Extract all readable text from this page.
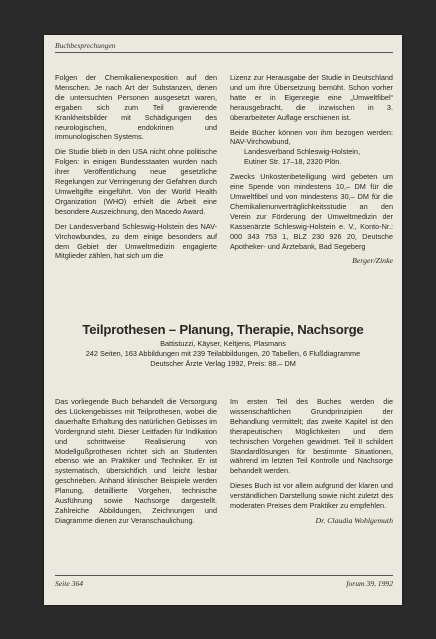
Buchbesprechungen

Folgen der Chemikalienexposition auf den Menschen. Je nach Art der Substanzen, denen die untersuchten Personen ausgesetzt waren, ergaben sich zum Teil gravierende Krankheitsbilder mit Schädigungen des neurologischen, endokrinen und immunologischen Systems.

Die Studie blieb in den USA nicht ohne politische Folgen: in einigen Bundesstaaten wurden nach ihrer Veröffentlichung neue gesetzliche Regelungen zur Verringerung der Gefahren durch Umweltgifte eingeführt. Von der World Health Organization (WHO) erhielt die Arbeit eine besondere Auszeichnung, den Macedo Award.

Der Landesverband Schleswig-Holstein des NAV-Virchowbundes, zu dem einige besonders auf dem Gebiet der Umweltmedizin engagierte Mitglieder zählen, hat sich um die

Lizenz zur Herausgabe der Studie in Deutschland und um ihre Übersetzung bemüht. Schon vorher hatte er in Eigenregie eine „Umweltfibel“ herausgebracht, die inzwischen in 3. überarbeiteter Auflage erschienen ist.

Beide Bücher können von ihm bezogen werden: NAV-Virchowbund,

Landesverband Schleswig-Holstein,
Eutiner Str. 17–18, 2320 Plön.

Zwecks Unkostenbeteiligung wird gebeten um eine Spende von mindestens 10,– DM für die Umweltfibel und von mindestens 30,– DM für die Chemikalienunverträglichkeitsstudie an den Verein zur Förderung der Umweltmedizin der Kassenärzte Schleswig-Holstein e. V., Konto-Nr.: 000 343 753 1, BLZ 230 926 20, Deutsche Apotheker- und Ärztebank, Bad Segeberg

Berger/Zinke
Teilprothesen – Planung, Therapie, Nachsorge
Battistuzzi, Käyser, Keltjens, Plasmans
242 Seiten, 163 Abbildungen mit 239 Teilabbildungen, 20 Tabellen, 6 Flußdiagramme
Deutscher Ärzte Verlag 1992, Preis: 88.– DM

Das vorliegende Buch behandelt die Versorgung des Lückengebisses mit Teilprothesen, wobei die dauerhafte Erhaltung des natürlichen Gebisses im Vordergrund steht. Dieser Leitfaden für Indikation und schrittweise Realisierung von Modellgußprothesen richtet sich an Studenten ebenso wie an Praktiker und Techniker. Er ist systematisch, übersichtlich und leicht lesbar geschrieben. Anhand klinischer Beispiele werden Planung, detaillierte Vorgehen, technische Ausführung sowie Nachsorge dargestellt. Zahlreiche Abbildungen, Zeichnungen und Diagramme dienen zur Veranschaulichung.

Im ersten Teil des Buches werden die wissenschaftlichen Grundprinzipien der Behandlung vermittelt; das zweite Kapitel ist den therapeutischen Möglichkeiten und dem technischen Vorgehen gewidmet. Teil II schildert Standardlösungen für bestimmte Situationen, während im letzten Teil Kontrolle und Nachsorge behandelt werden.

Dieses Buch ist vor allem aufgrund der klaren und verständlichen Darstellung sowie nicht zuletzt des moderaten Preises dem Praktiker zu empfehlen.

Dr. Claudia Wohlgemuth
Seite 364	forum 39, 1992
